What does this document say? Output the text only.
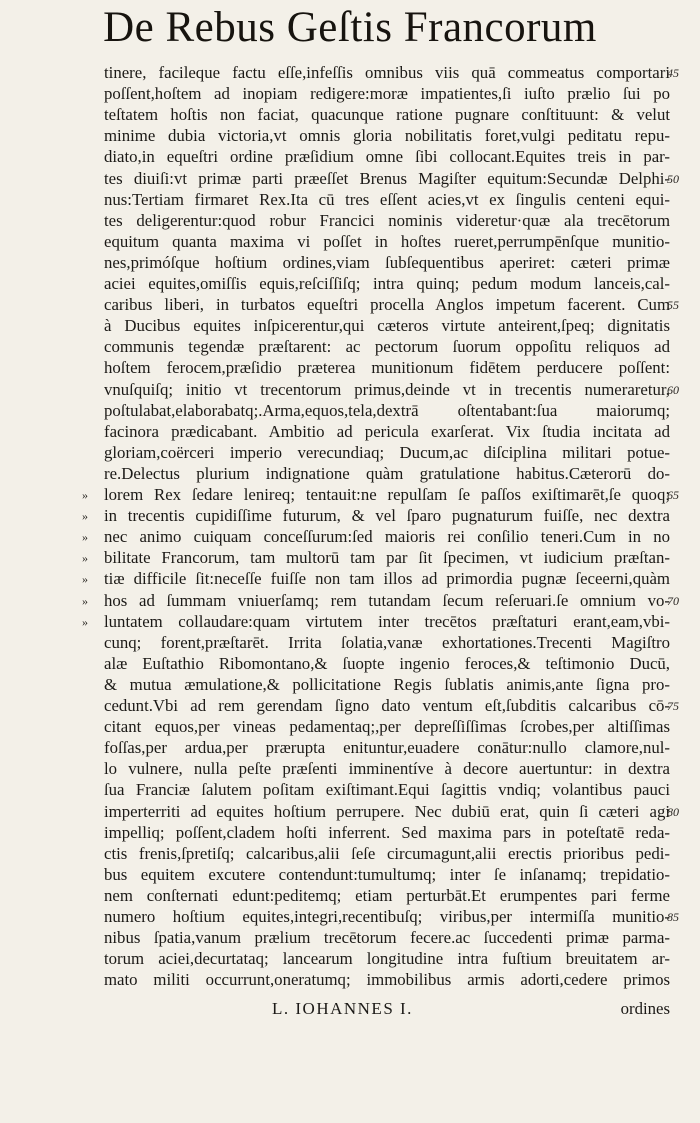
De Rebus Geſtis Francorum
tinere, facileque factu eſſe,infeſſis omnibus viis quā commeatus comportari
poſſent,hoſtem ad inopiam redigere:moræ impatientes,ſi iuſto prælio ſui po
teſtatem hoſtis non faciat, quacunque ratione pugnare conſtituunt: & velut
minime dubia victoria,vt omnis gloria nobilitatis foret,vulgi peditatu repu-
diato,in equeſtri ordine præſidium omne ſibi collocant.Equites treis in par-
tes diuiſi:vt primæ parti præeſſet Brenus Magiſter equitum:Secundæ Delphi-
nus:Tertiam firmaret Rex.Ita cū tres eſſent acies,vt ex ſingulis centeni equi-
tes deligerentur:quod robur Francici nominis videretur·quæ ala trecētorum
equitum quanta maxima vi poſſet in hoſtes rueret,perrumpēnſque munitio-
nes,primóſque hoſtium ordines,viam ſubſequentibus aperiret: cæteri primæ
aciei equites,omiſſis equis,reſciſſiſq; intra quinq; pedum modum lanceis,cal-
caribus liberi, in turbatos equeſtri procella Anglos impetum facerent. Cum
à Ducibus equites inſpicerentur,qui cæteros virtute anteirent,ſpeq; dignitatis
communis tegendæ præſtarent: ac pectorum ſuorum oppoſitu reliquos ad
hoſtem ferocem,præſidio præterea munitionum fidētem perducere poſſent:
vnuſquiſq; initio vt trecentorum primus,deinde vt in trecentis numeraretur,
poſtulabat,elaborabatq;.Arma,equos,tela,dextrā oſtentabant:ſua maiorumq;
facinora prædicabant. Ambitio ad pericula exarſerat. Vix ſtudia incitata ad
gloriam,coërceri imperio verecundiaq; Ducum,ac diſciplina militari potue-
re.Delectus plurium indignatione quàm gratulatione habitus.Cæterorū do-
lorem Rex ſedare lenireq; tentauit:ne repulſam ſe paſſos exiſtimarēt,ſe quoq;
in trecentis cupidiſſime futurum, & vel ſparo pugnaturum fuiſſe, nec dextra
nec animo cuiquam conceſſurum:ſed maioris rei conſilio teneri.Cum in no
bilitate Francorum, tam multorū tam par ſit ſpecimen, vt iudicium præſtan-
tiæ difficile ſit:neceſſe fuiſſe non tam illos ad primordia pugnæ ſeceerni,quàm
hos ad ſummam vniuerſamq; rem tutandam ſecum reſeruari.ſe omnium vo-
luntatem collaudare:quam virtutem inter trecētos præſtaturi erant,eam,vbi-
cunq; forent,præſtarēt. Irrita ſolatia,vanæ exhortationes.Trecenti Magiſtro
alæ Euſtathio Ribomontano,& ſuopte ingenio feroces,& teſtimonio Ducū,
& mutua æmulatione,& pollicitatione Regis ſublatis animis,ante ſigna pro-
cedunt.Vbi ad rem gerendam ſigno dato ventum eſt,ſubditis calcaribus cō-
citant equos,per vineas pedamentaq;,per depreſſiſſimas ſcrobes,per altiſſimas
foſſas,per ardua,per prærupta enituntur,euadere conātur:nullo clamore,nul-
lo vulnere, nulla peſte præſenti imminentíve à decore auertuntur: in dextra
ſua Franciæ ſalutem poſitam exiſtimant.Equi ſagittis vndiq; volantibus pauci
imperterriti ad equites hoſtium perrupere. Nec dubiū erat, quin ſi cæteri agi
impelliq; poſſent,cladem hoſti inferrent. Sed maxima pars in poteſtatē reda-
ctis frenis,ſpretiſq; calcaribus,alii ſeſe circumagunt,alii erectis prioribus pedi-
bus equitem excutere contendunt:tumultumq; inter ſe inſanamq; trepidatio-
nem conſternati edunt:peditemq; etiam perturbāt.Et erumpentes pari ferme
numero hoſtium equites,integri,recentibuſq; viribus,per intermiſſa munitio-
nibus ſpatia,vanum prælium trecētorum fecere.ac ſuccedenti primæ parma-
torum aciei,decurtataq; lancearum longitudine intra fuſtium breuitatem ar-
mato militi occurrunt,oneratumq; immobilibus armis adorti,cedere primos
»
»
»
»
»
»
»
45
50
55
60
65
70
75
80
85
L. IOHANNES I.	ordines
